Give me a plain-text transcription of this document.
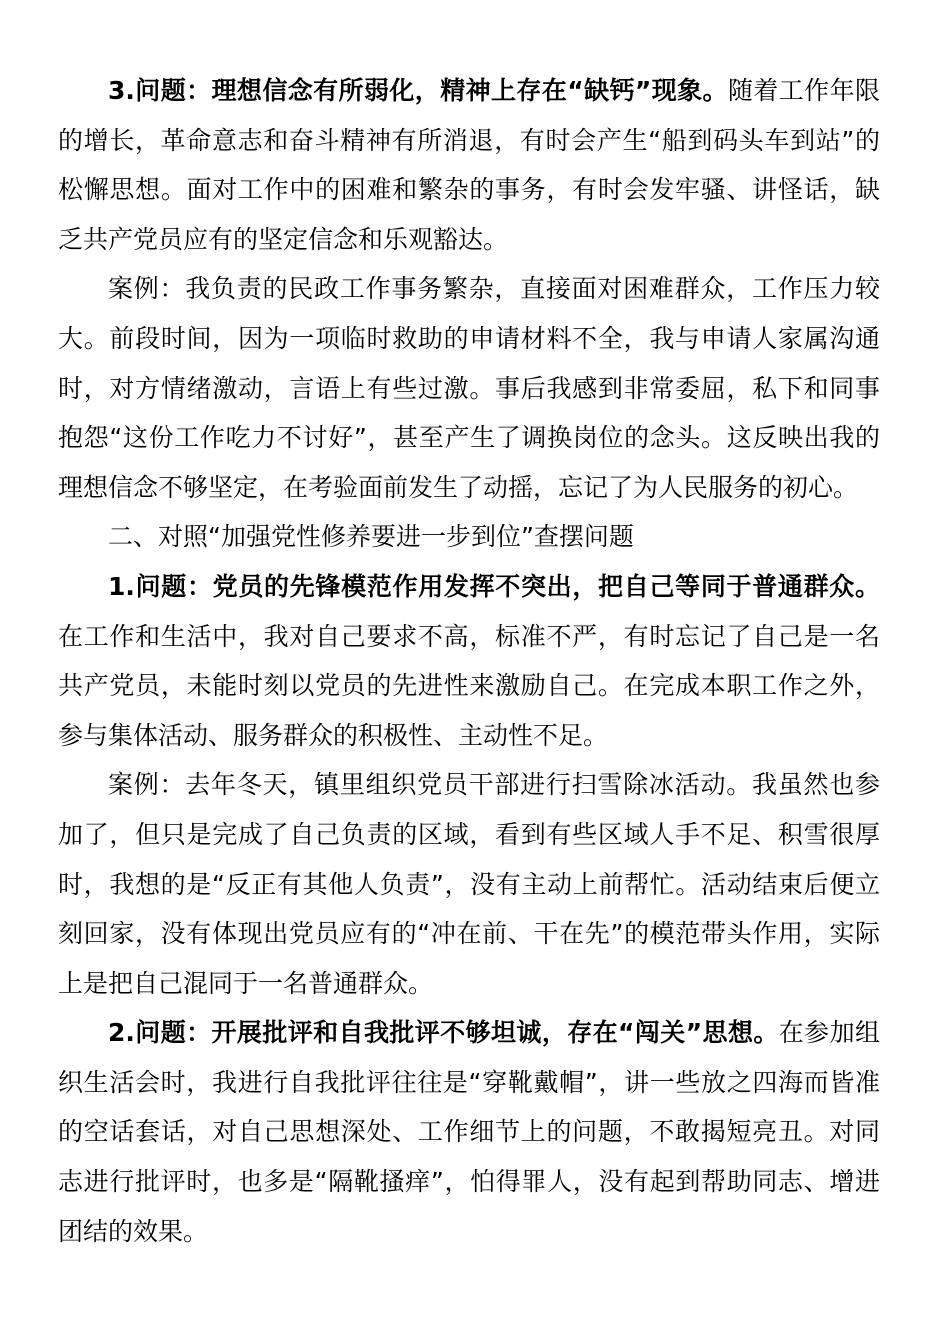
3.问题：理想信念有所弱化，精神上存在“缺钙”现象。随着工作年限的增长，革命意志和奋斗精神有所消退，有时会产生“船到码头车到站”的松懈思想。面对工作中的困难和繁杂的事务，有时会发牢骚、讲怪话，缺乏共产党员应有的坚定信念和乐观豁达。

案例：我负责的民政工作事务繁杂，直接面对困难群众，工作压力较大。前段时间，因为一项临时救助的申请材料不全，我与申请人家属沟通时，对方情绪激动，言语上有些过激。事后我感到非常委屈，私下和同事抱怨“这份工作吃力不讨好”，甚至产生了调换岗位的念头。这反映出我的理想信念不够坚定，在考验面前发生了动摇，忘记了为人民服务的初心。

二、对照“加强党性修养要进一步到位”查摆问题

1.问题：党员的先锋模范作用发挥不突出，把自己等同于普通群众。在工作和生活中，我对自己要求不高，标准不严，有时忘记了自己是一名共产党员，未能时刻以党员的先进性来激励自己。在完成本职工作之外，参与集体活动、服务群众的积极性、主动性不足。

案例：去年冬天，镇里组织党员干部进行扫雪除冰活动。我虽然也参加了，但只是完成了自己负责的区域，看到有些区域人手不足、积雪很厚时，我想的是“反正有其他人负责”，没有主动上前帮忙。活动结束后便立刻回家，没有体现出党员应有的“冲在前、干在先”的模范带头作用，实际上是把自己混同于一名普通群众。

2.问题：开展批评和自我批评不够坦诚，存在“闯关”思想。在参加组织生活会时，我进行自我批评往往是“穿靴戴帽”，讲一些放之四海而皆准的空话套话，对自己思想深处、工作细节上的问题，不敢揭短亮丑。对同志进行批评时，也多是“隔靴搔痒”，怕得罪人，没有起到帮助同志、增进团结的效果。
